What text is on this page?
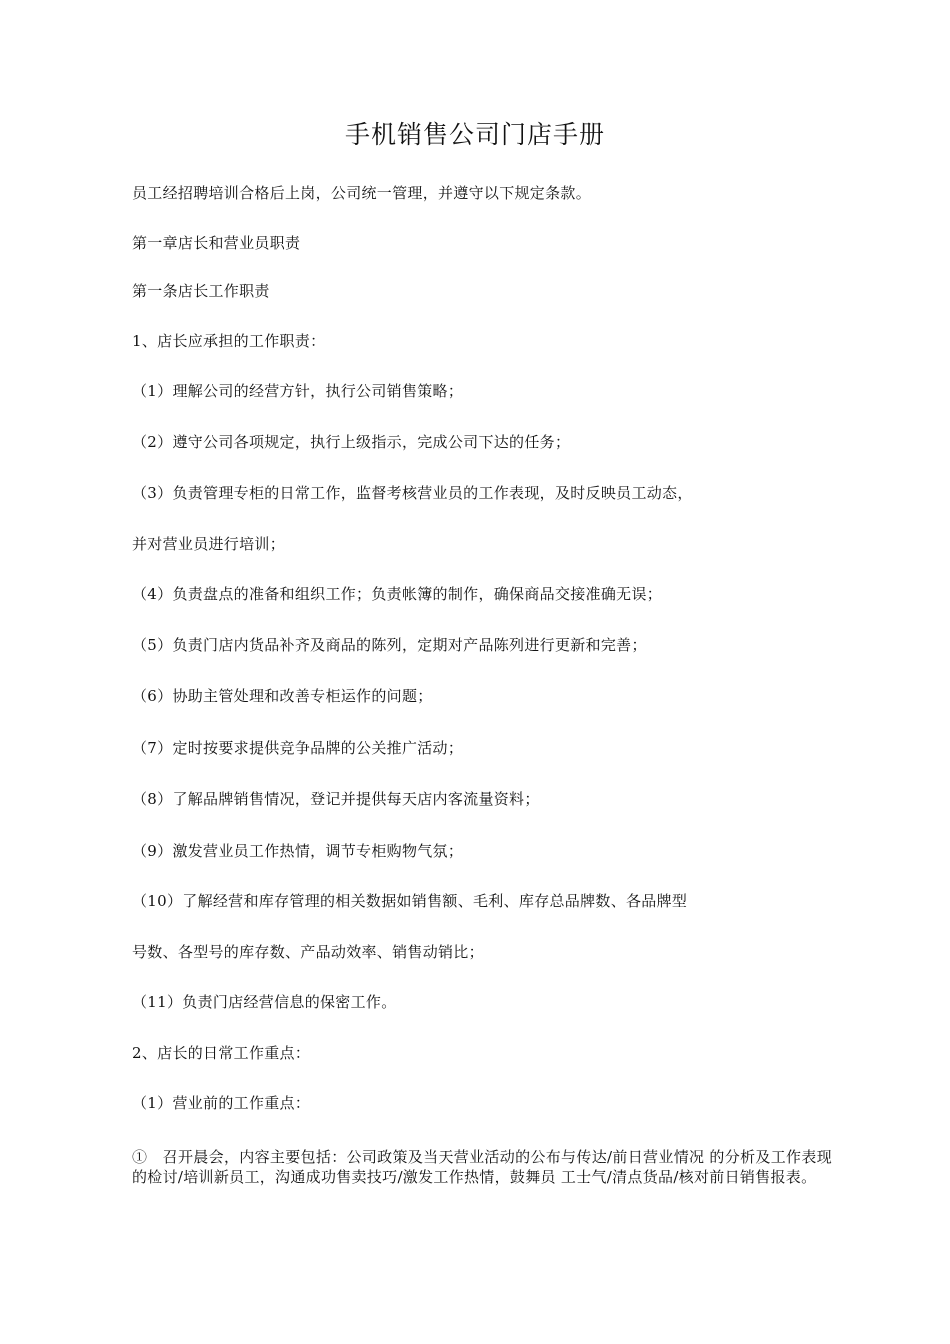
手机销售公司门店手册
员工经招聘培训合格后上岗，公司统一管理，并遵守以下规定条款。
第一章店长和营业员职责
第一条店长工作职责
1、店长应承担的工作职责：
（1）理解公司的经营方针，执行公司销售策略；
（2）遵守公司各项规定，执行上级指示，完成公司下达的任务；
（3）负责管理专柜的日常工作，监督考核营业员的工作表现，及时反映员工动态，
并对营业员进行培训；
（4）负责盘点的准备和组织工作；负责帐簿的制作，确保商品交接准确无误；
（5）负责门店内货品补齐及商品的陈列，定期对产品陈列进行更新和完善；
（6）协助主管处理和改善专柜运作的问题；
（7）定时按要求提供竞争品牌的公关推广活动；
（8）了解品牌销售情况，登记并提供每天店内客流量资料；
（9）激发营业员工作热情，调节专柜购物气氛；
（10）了解经营和库存管理的相关数据如销售额、毛利、库存总品牌数、各品牌型
号数、各型号的库存数、产品动效率、销售动销比；
（11）负责门店经营信息的保密工作。
2、店长的日常工作重点：
（1）营业前的工作重点：
①　召开晨会，内容主要包括：公司政策及当天营业活动的公布与传达/前日营业情况 的分析及工作表现的检讨/培训新员工，沟通成功售卖技巧/激发工作热情，鼓舞员 工士气/清点货品/核对前日销售报表。
